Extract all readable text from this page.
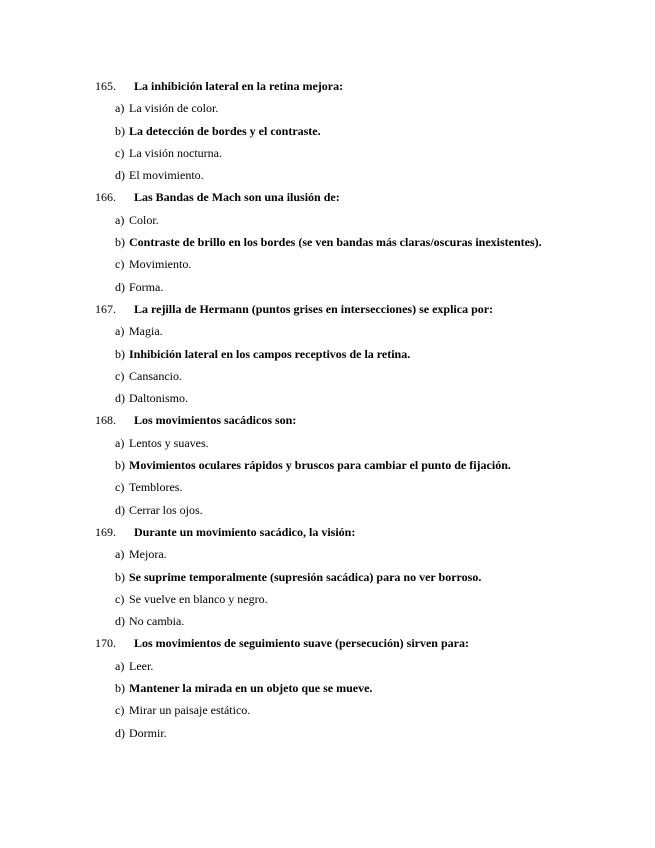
165. La inhibición lateral en la retina mejora:
a) La visión de color.
b) La detección de bordes y el contraste.
c) La visión nocturna.
d) El movimiento.
166. Las Bandas de Mach son una ilusión de:
a) Color.
b) Contraste de brillo en los bordes (se ven bandas más claras/oscuras inexistentes).
c) Movimiento.
d) Forma.
167. La rejilla de Hermann (puntos grises en intersecciones) se explica por:
a) Magia.
b) Inhibición lateral en los campos receptivos de la retina.
c) Cansancio.
d) Daltonismo.
168. Los movimientos sacádicos son:
a) Lentos y suaves.
b) Movimientos oculares rápidos y bruscos para cambiar el punto de fijación.
c) Temblores.
d) Cerrar los ojos.
169. Durante un movimiento sacádico, la visión:
a) Mejora.
b) Se suprime temporalmente (supresión sacádica) para no ver borroso.
c) Se vuelve en blanco y negro.
d) No cambia.
170. Los movimientos de seguimiento suave (persecución) sirven para:
a) Leer.
b) Mantener la mirada en un objeto que se mueve.
c) Mirar un paisaje estático.
d) Dormir.
